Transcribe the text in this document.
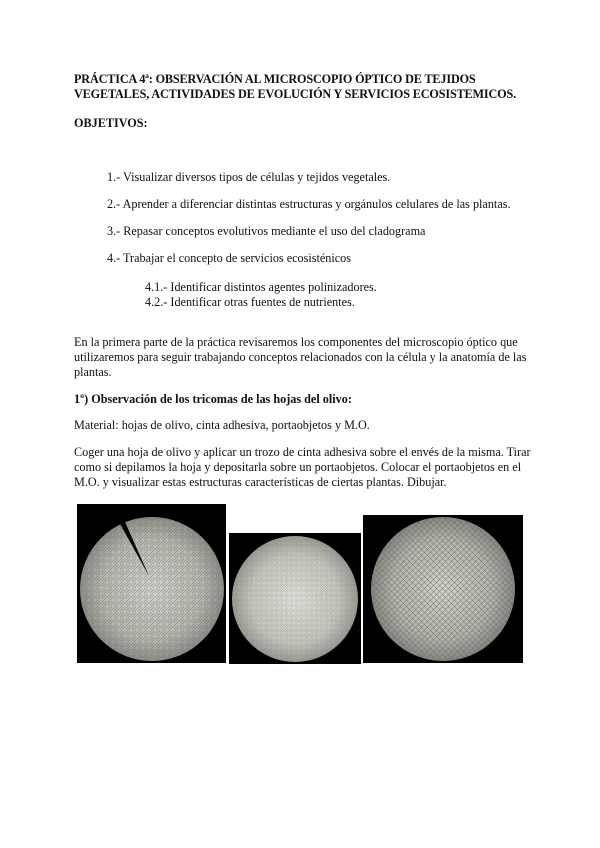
PRÁCTICA 4ª: OBSERVACIÓN AL MICROSCOPIO ÓPTICO DE TEJIDOS VEGETALES, ACTIVIDADES DE EVOLUCIÓN Y SERVICIOS ECOSISTEMICOS.
OBJETIVOS:
1.- Visualizar diversos tipos de células y tejidos vegetales.
2.- Aprender a diferenciar distintas estructuras y orgánulos celulares de las plantas.
3.- Repasar conceptos evolutivos mediante el uso del cladograma
4.- Trabajar el concepto de servicios ecosisténicos
4.1.- Identificar distintos agentes polinizadores.
4.2.- Identificar otras fuentes de nutrientes.
En la primera parte de la práctica revisaremos los componentes del microscopio óptico que utilizaremos para seguir trabajando conceptos relacionados con la célula y la anatomía de las plantas.
1º) Observación de los tricomas de las hojas del olivo:
Material: hojas de olivo, cinta adhesiva, portaobjetos y M.O.
Coger una hoja de olivo y aplicar un trozo de cinta adhesiva sobre el envés de la misma. Tirar como si depilamos la hoja y depositarla sobre un portaobjetos. Colocar el portaobjetos en el M.O. y visualizar estas estructuras características de ciertas plantas. Dibujar.
